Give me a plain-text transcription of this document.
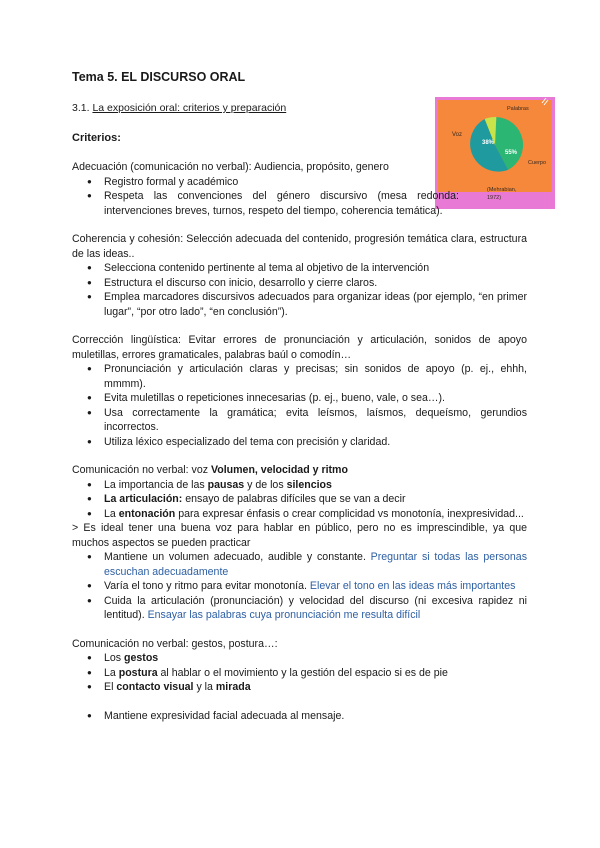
Tema 5. EL DISCURSO ORAL
3.1. La exposición oral: criterios y preparación
Criterios:	38%
55%
Voz
Palabras
Cuerpo
(Mehrabian,
1972)

Adecuación (comunicación no verbal): Audiencia, propósito, genero

● Registro formal y académico
● Respeta las convenciones del género discursivo (mesa redonda: intervenciones breves, turnos, respeto del tiempo, coherencia temática).

Coherencia y cohesión: Selección adecuada del contenido, progresión temática clara, estructura de las ideas..

● Selecciona contenido pertinente al tema al objetivo de la intervención
● Estructura el discurso con inicio, desarrollo y cierre claros.
● Emplea marcadores discursivos adecuados para organizar ideas (por ejemplo, “en primer lugar”, “por otro lado”, “en conclusión”).

Corrección lingüística: Evitar errores de pronunciación y articulación, sonidos de apoyo muletillas, errores gramaticales, palabras baúl o comodín…

● Pronunciación y articulación claras y precisas; sin sonidos de apoyo (p. ej., ehhh, mmmm).
● Evita muletillas o repeticiones innecesarias (p. ej., bueno, vale, o sea…).
● Usa correctamente la gramática; evita leísmos, laísmos, dequeísmo, gerundios incorrectos.
● Utiliza léxico especializado del tema con precisión y claridad.

Comunicación no verbal: voz Volumen, velocidad y ritmo

● La importancia de las pausas y de los silencios
● La articulación: ensayo de palabras difíciles que se van a decir
● La entonación para expresar énfasis o crear complicidad vs monotonía, inexpresividad...

> Es ideal tener una buena voz para hablar en público, pero no es imprescindible, ya que muchos aspectos se pueden practicar

● Mantiene un volumen adecuado, audible y constante. Preguntar si todas las personas escuchan adecuadamente
● Varía el tono y ritmo para evitar monotonía. Elevar el tono en las ideas más importantes
● Cuida la articulación (pronunciación) y velocidad del discurso (ni excesiva rapidez ni lentitud). Ensayar las palabras cuya pronunciación me resulta difícil

Comunicación no verbal: gestos, postura…:

● Los gestos
● La postura al hablar o el movimiento y la gestión del espacio si es de pie
● El contacto visual y la mirada
● Mantiene expresividad facial adecuada al mensaje.
